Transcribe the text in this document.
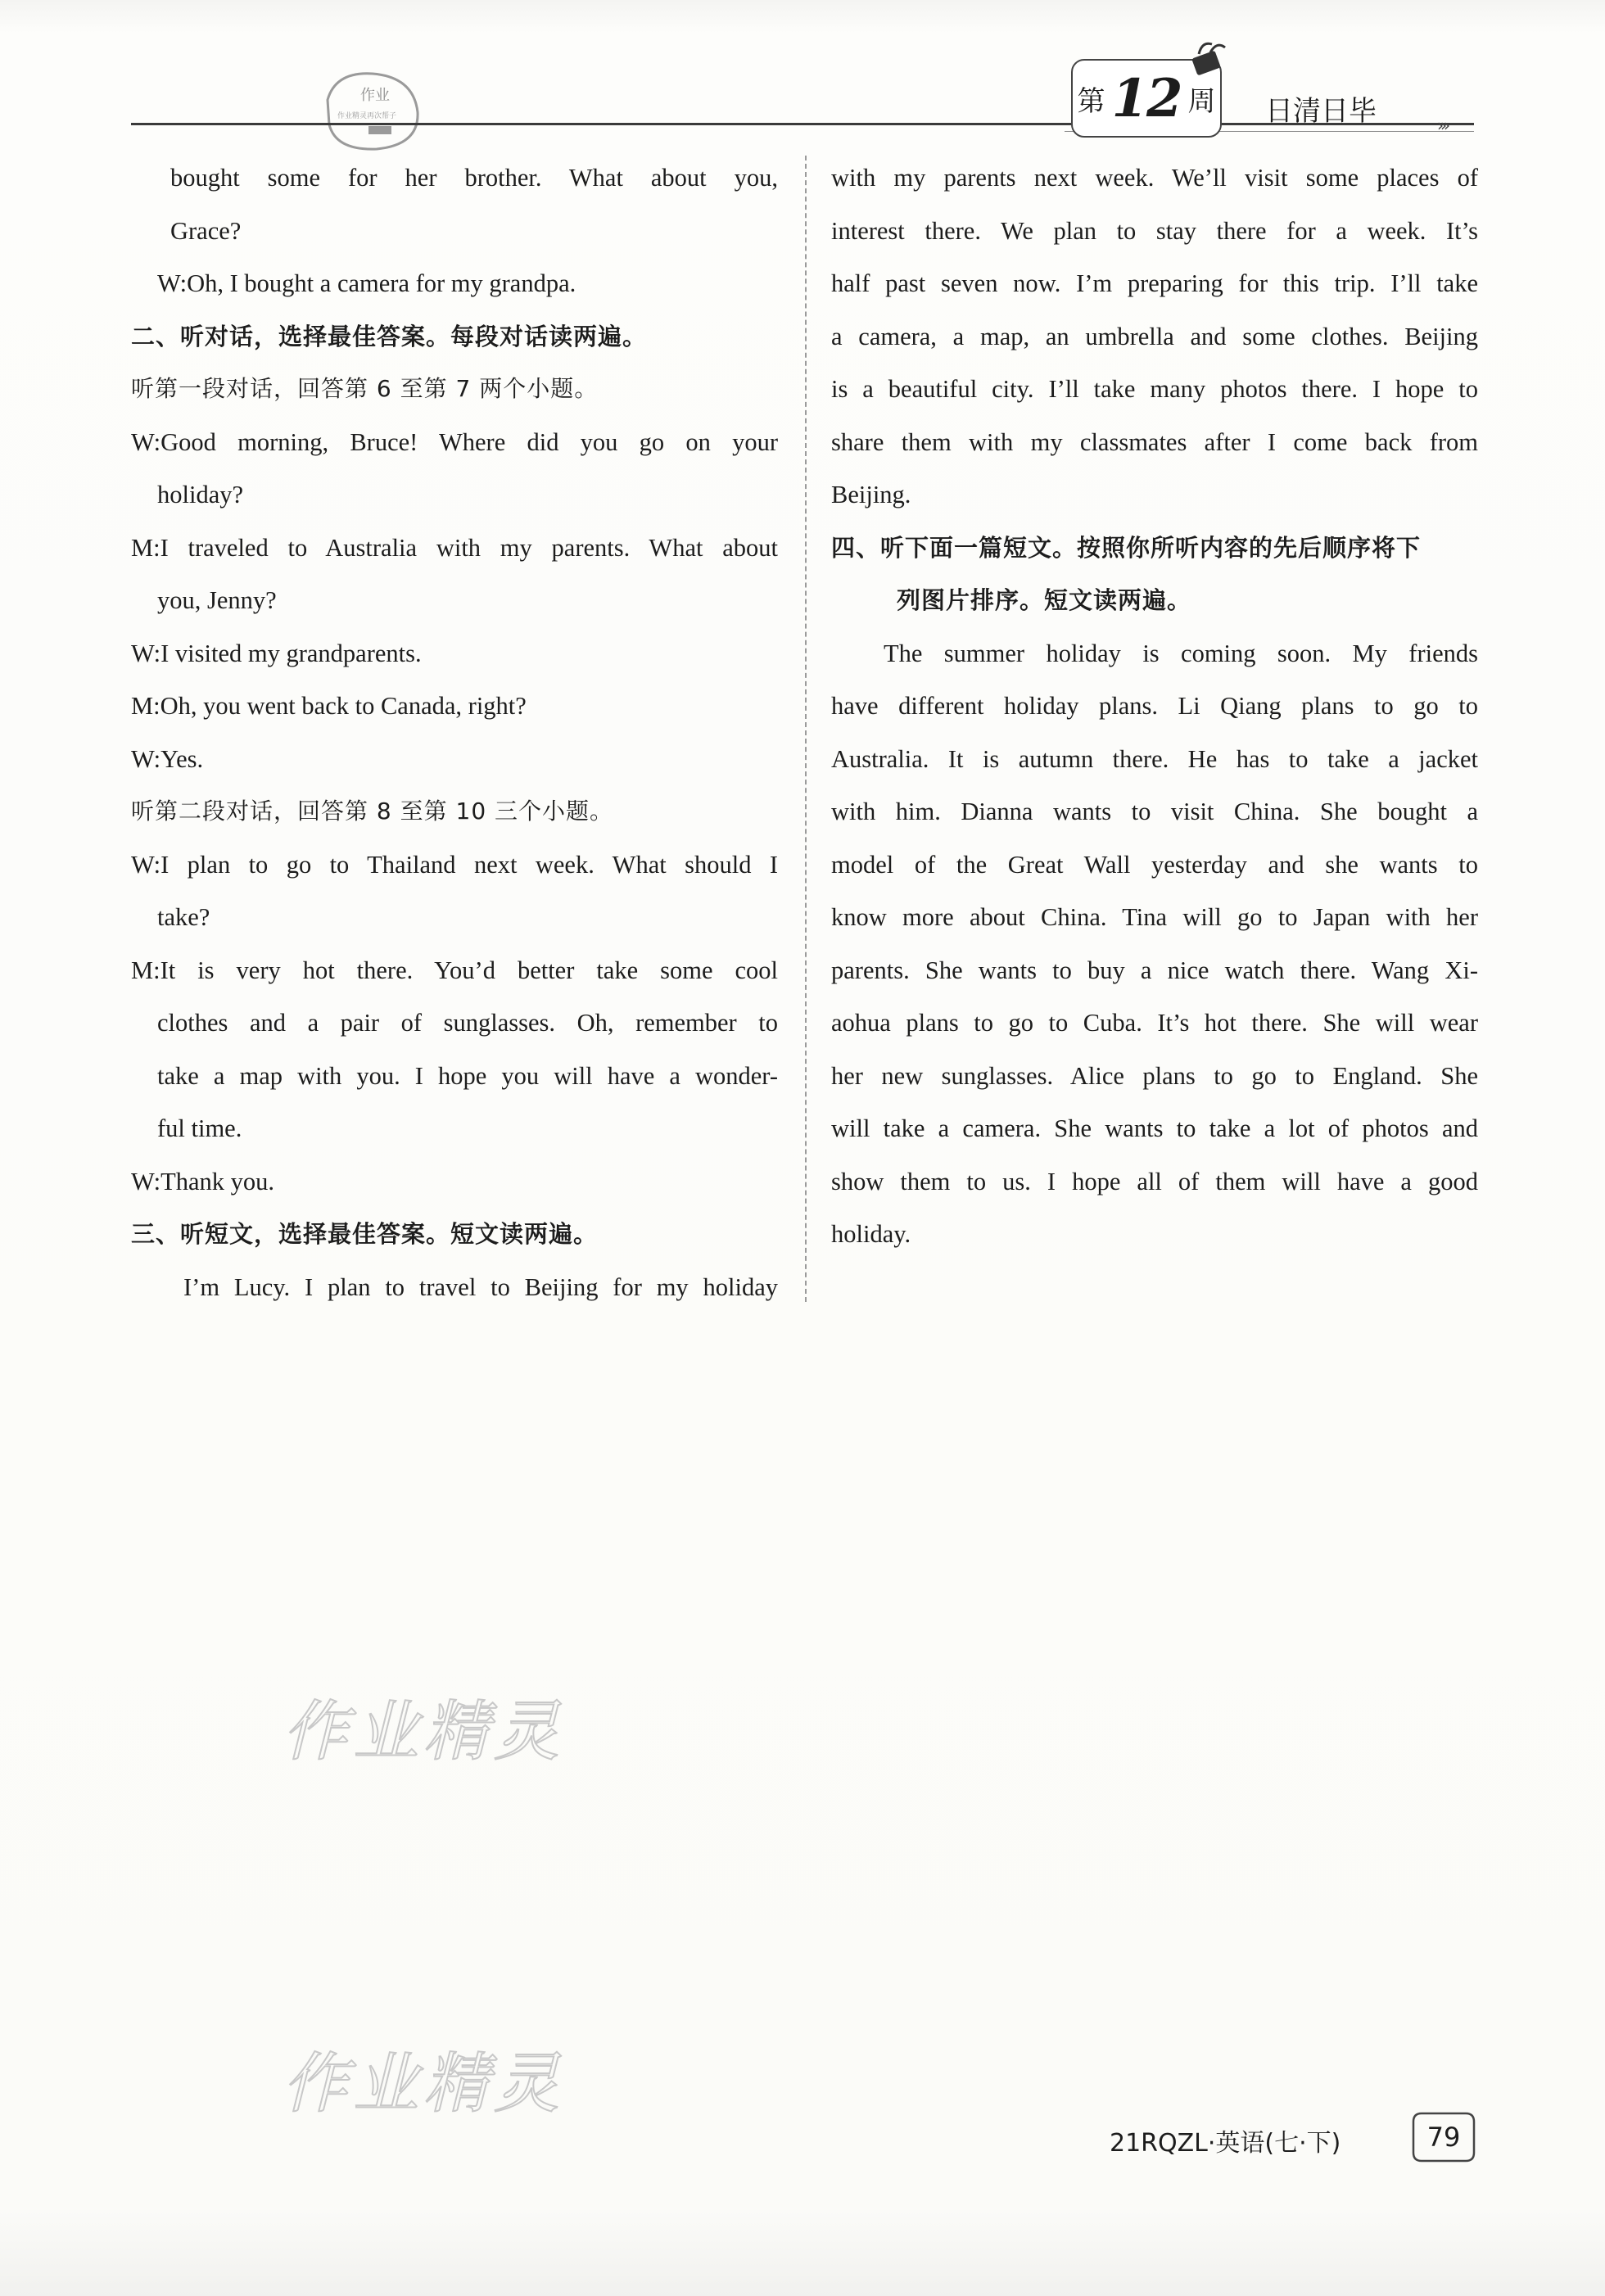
作业
作业精灵再次帮子	第 12 周 日清日毕	›››
bought some for her brother. What about you,
Grace?
W:Oh, I bought a camera for my grandpa.
二、听对话，选择最佳答案。每段对话读两遍。
听第一段对话，回答第 6 至第 7 两个小题。
W:Good morning, Bruce! Where did you go on your
holiday?
M:I traveled to Australia with my parents. What about
you, Jenny?
W:I visited my grandparents.
M:Oh, you went back to Canada, right?
W:Yes.
听第二段对话，回答第 8 至第 10 三个小题。
W:I plan to go to Thailand next week. What should I
take?
M:It is very hot there. You’d better take some cool
clothes and a pair of sunglasses. Oh, remember to
take a map with you. I hope you will have a wonder-
ful time.
W:Thank you.
三、听短文，选择最佳答案。短文读两遍。
I’m Lucy. I plan to travel to Beijing for my holiday
with my parents next week. We’ll visit some places of
interest there. We plan to stay there for a week. It’s
half past seven now. I’m preparing for this trip. I’ll take
a camera, a map, an umbrella and some clothes. Beijing
is a beautiful city. I’ll take many photos there. I hope to
share them with my classmates after I come back from
Beijing.
四、听下面一篇短文。按照你所听内容的先后顺序将下
列图片排序。短文读两遍。
The summer holiday is coming soon. My friends
have different holiday plans. Li Qiang plans to go to
Australia. It is autumn there. He has to take a jacket
with him. Dianna wants to visit China. She bought a
model of the Great Wall yesterday and she wants to
know more about China. Tina will go to Japan with her
parents. She wants to buy a nice watch there. Wang Xi-
aohua plans to go to Cuba. It’s hot there. She will wear
her new sunglasses. Alice plans to go to England. She
will take a camera. She wants to take a lot of photos and
show them to us. I hope all of them will have a good
holiday.
作业精灵
作业精灵
21RQZL·英语(七·下)	79
